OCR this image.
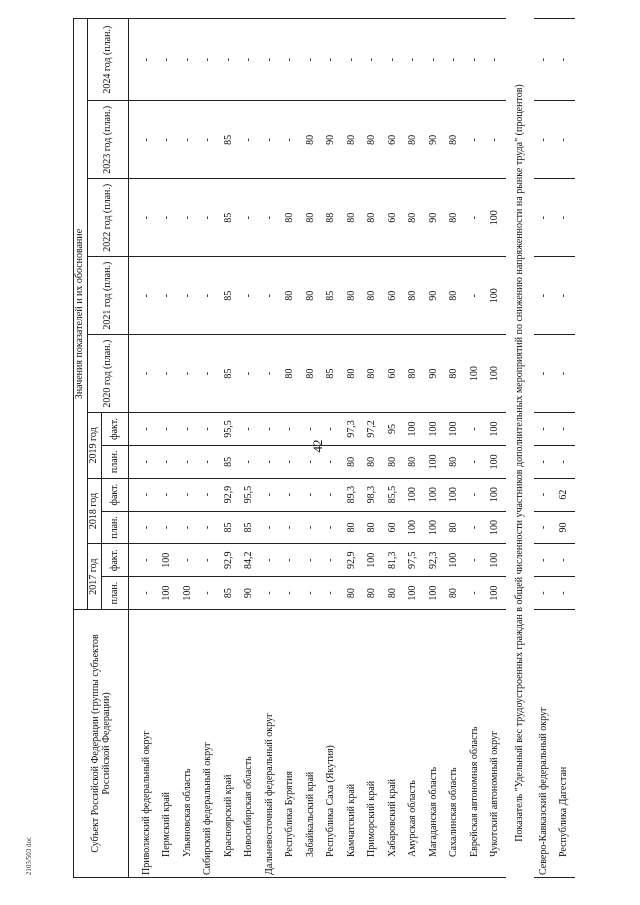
42
Субъект Российской Федерации (группы субъектов Российской Федерации)	Значения показателей и их обоснование										
	2017 год		2018 год		2019 год		2020 год (план.)	2021 год (план.)	2022 год (план.)	2023 год (план.)	2024 год (план.)
	план.	факт.	план.	факт.	план.	факт.					

Приволжский федеральный округ	-	-	-	-	-	-	-	-	-	-	-
Пермский край	100	100	-	-	-	-	-	-	-	-	-
Ульяновская область	100	-	-	-	-	-	-	-	-	-	-
Сибирский федеральный округ	-	-	-	-	-	-	-	-	-	-	-
Красноярский край	85	92,9	85	92,9	85	95,5	85	85	85	85	-
Новосибирская область	90	84,2	85	95,5	-	-	-	-	-	-	-
Дальневосточный федеральный округ	-	-	-	-	-	-	-	-	-	-	-
Республика Бурятия	-	-	-	-	-	-	80	80	80	-	-
Забайкальский край	-	-	-	-	-	-	80	80	80	80	-
Республика Саха (Якутия)	-	-	-	-	-	-	85	85	88	90	-
Камчатский край	80	92,9	80	89,3	80	97,3	80	80	80	80	-
Приморский край	80	100	80	98,3	80	97,2	80	80	80	80	-
Хабаровский край	80	81,3	60	85,5	80	95	60	60	60	60	-
Амурская область	100	97,5	100	100	80	100	80	80	80	80	-
Магаданская область	100	92,3	100	100	100	100	90	90	90	90	-
Сахалинская область	80	100	80	100	80	100	80	80	80	80	-
Еврейская автономная область	-	-	-	-	-	-	100	-	-	-	-
Чукотский автономный округ	100	100	100	100	100	100	100	100	100	-	-
Показатель "Удельный вес трудоустроенных граждан в общей численности участников дополнительных мероприятий по снижению напряженности на рынке труда" (процентов)											
Северо-Кавказский федеральный округ	-	-	-	-	-	-	-	-	-	-	-
Республика Дагестан	-	-	90	62	-	-	-	-	-	-	-
2103/503 doc
